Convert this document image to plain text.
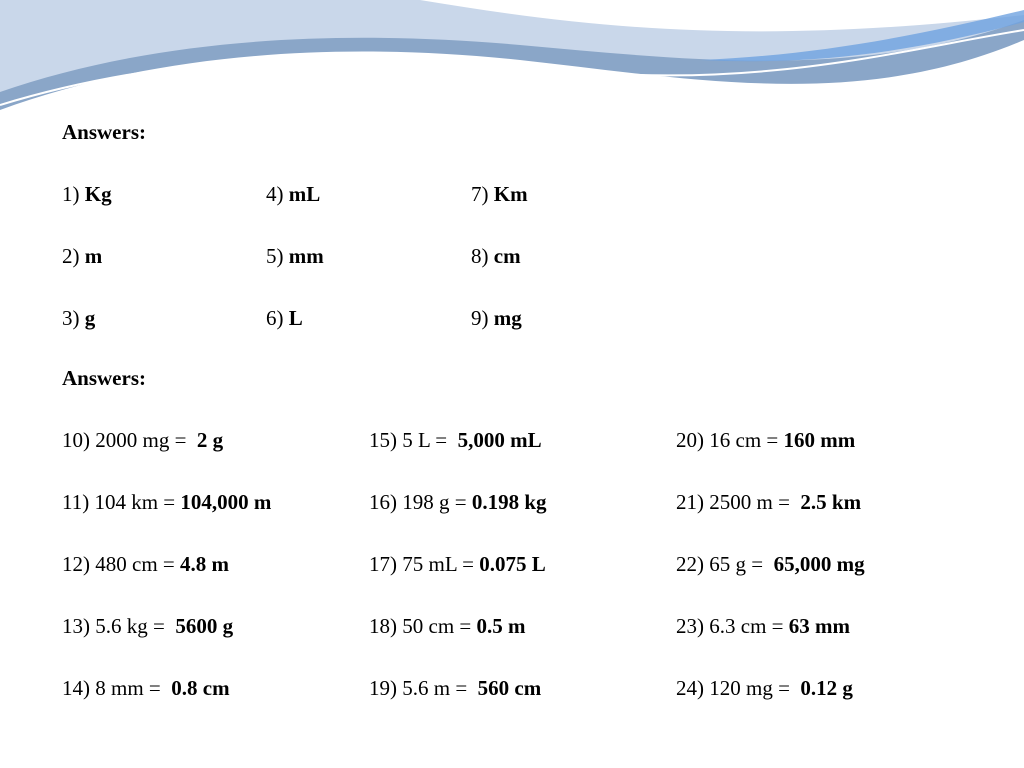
Answers:
1) Kg	4) mL	7) Km
2) m	5) mm	8) cm
3) g	6) L	9) mg
Answers:
10) 2000 mg = 2 g	15) 5 L = 5,000 mL	20) 16 cm = 160 mm
11) 104 km = 104,000 m	16) 198 g = 0.198 kg	21) 2500 m = 2.5 km
12) 480 cm = 4.8 m	17) 75 mL = 0.075 L	22) 65 g = 65,000 mg
13) 5.6 kg = 5600 g	18) 50 cm = 0.5 m	23) 6.3 cm = 63 mm
14) 8 mm = 0.8 cm	19) 5.6 m = 560 cm	24) 120 mg = 0.12 g
